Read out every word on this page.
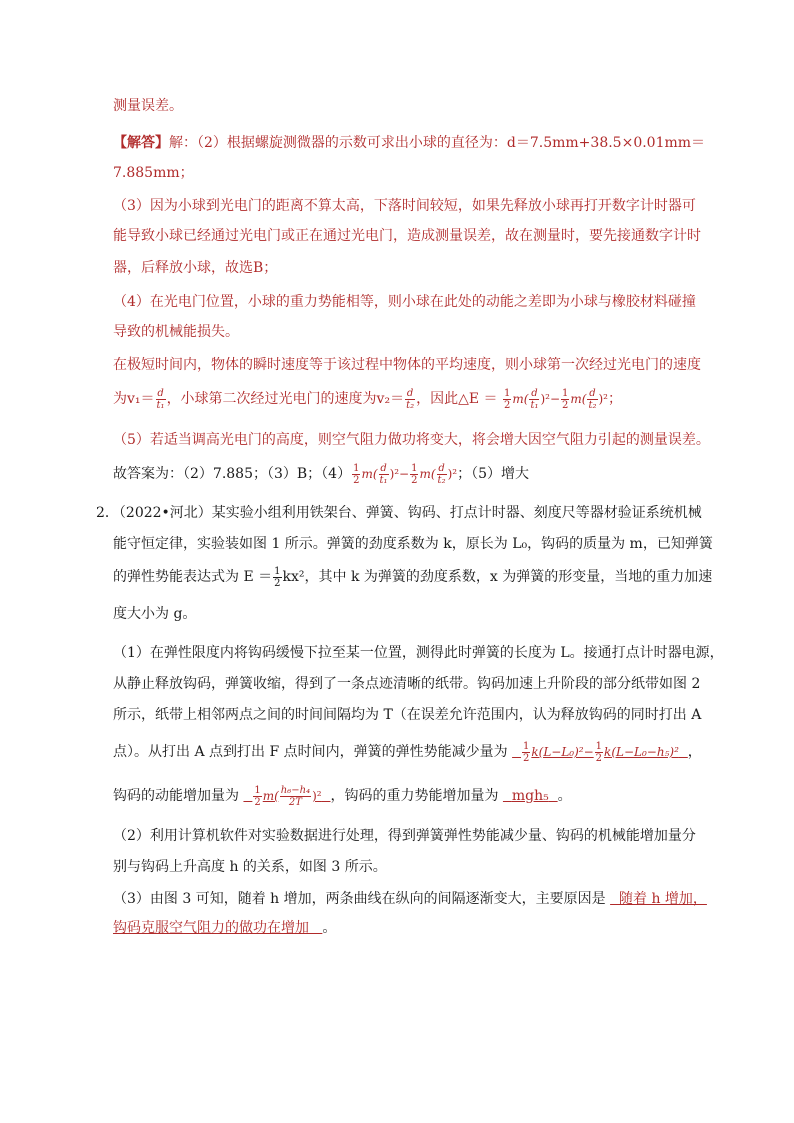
测量误差。
【解答】解：（2）根据螺旋测微器的示数可求出小球的直径为：d＝7.5mm+38.5×0.01mm＝
7.885mm；
（3）因为小球到光电门的距离不算太高，下落时间较短，如果先释放小球再打开数字计时器可
能导致小球已经通过光电门或正在通过光电门，造成测量误差，故在测量时，要先接通数字计时
器，后释放小球，故选B；
（4）在光电门位置，小球的重力势能相等，则小球在此处的动能之差即为小球与橡胶材料碰撞
导致的机械能损失。
在极短时间内，物体的瞬时速度等于该过程中物体的平均速度，则小球第一次经过光电门的速度
为$v_1= \frac{d}{\text{t₁}}$ ，小球第二次经过光电门的速度为$v_2= \frac{d}{\text{t₂}}$ ，因此△E ＝ $\frac{1}{2} m( \frac{d}{\text{t₁}} )^2- \frac{1}{2} m( \frac{d}{\text{t₂}} )^2$；
（5）若适当调高光电门的高度，则空气阻力做功将变大，将会增大因空气阻力引起的测量误差。
故答案为：（2）7.885；（3）B；$(4) \frac{1}{2} m( \frac{d}{\text{t₁}} )^2- \frac{1}{2} m( \frac{d}{\text{t₂}} )^2$；（5）增大
2．（2022•河北）某实验小组利用铁架台、弹簧、钩码、打点计时器、刻度尺等器材验证系统机械
能守恒定律，实验装如图 1 所示。弹簧的劲度系数为 k，原长为 L₀，钩码的质量为 m，已知弹簧
的弹性势能表达式为 $E = \frac{1}{2} kx^2$，其中 k 为弹簧的劲度系数，x 为弹簧的形变量，当地的重力加速
度大小为 g。
（1）在弹性限度内将钩码缓慢下拉至某一位置，测得此时弹簧的长度为 L。接通打点计时器电源，
从静止释放钩码，弹簧收缩，得到了一条点迹清晰的纸带。钩码加速上升阶段的部分纸带如图 2
所示，纸带上相邻两点之间的时间间隔均为 T（在误差允许范围内，认为释放钩码的同时打出 A
点）。从打出 A 点到打出 F 点时间内，弹簧的弹性势能减少量为 $\frac{1}{2} k(L-L_0)^2- \frac{1}{2} k(L-L_0-h_5)^2$ ，
钩码的动能增加量为 $\frac{1}{2} m( \frac{\text{h₆−h₄}}{2T} )^2$ ，钩码的重力势能增加量为 mgh₅ 。
（2）利用计算机软件对实验数据进行处理，得到弹簧弹性势能减少量、钩码的机械能增加量分
别与钩码上升高度 h 的关系，如图 3 所示。
（3）由图 3 可知，随着 h 增加，两条曲线在纵向的间隔逐渐变大，主要原因是 随着 h 增加，
钩码克服空气阻力的做功在增加 。
